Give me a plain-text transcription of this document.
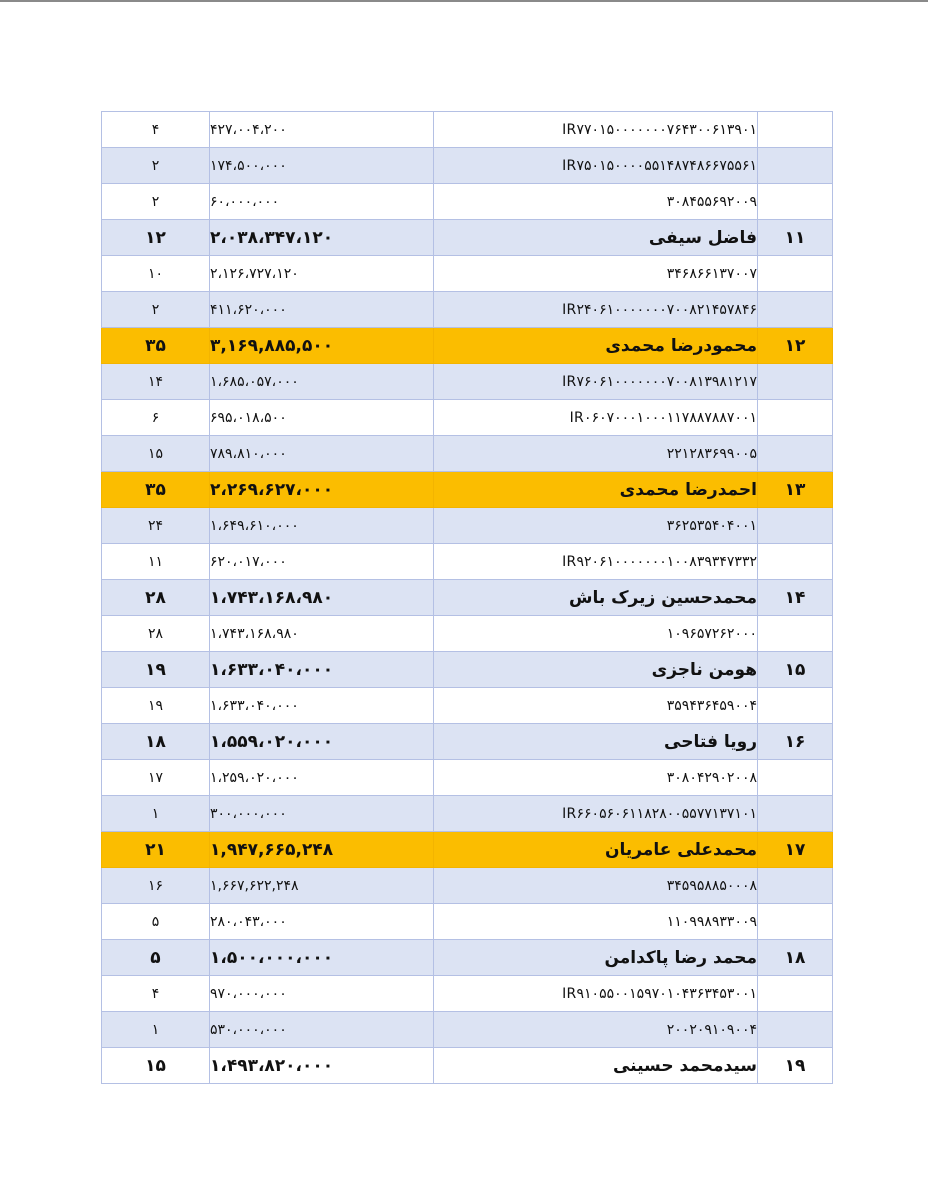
۴	۴۲۷،۰۰۴،۲۰۰	IR۷۷۰۱۵۰۰۰۰۰۰۰۷۶۴۳۰۰۶۱۳۹۰۱	
۲	۱۷۴،۵۰۰،۰۰۰	IR۷۵۰۱۵۰۰۰۰۵۵۱۴۸۷۴۸۶۶۷۵۵۶۱	
۲	۶۰،۰۰۰،۰۰۰	۳۰۸۴۵۵۶۹۲۰۰۹	
۱۲	۲،۰۳۸،۳۴۷،۱۲۰	فاضل سیفی	۱۱
۱۰	۲،۱۲۶،۷۲۷،۱۲۰	۳۴۶۸۶۶۱۳۷۰۰۷	
۲	۴۱۱،۶۲۰،۰۰۰	IR۲۴۰۶۱۰۰۰۰۰۰۰۷۰۰۸۲۱۴۵۷۸۴۶	
۳۵	۳,۱۶۹,۸۸۵,۵۰۰	محمودرضا محمدی	۱۲
۱۴	۱،۶۸۵،۰۵۷،۰۰۰	IR۷۶۰۶۱۰۰۰۰۰۰۰۷۰۰۸۱۳۹۸۱۲۱۷	
۶	۶۹۵،۰۱۸،۵۰۰	IR۰۶۰۷۰۰۰۱۰۰۰۱۱۷۸۸۷۸۸۷۰۰۱	
۱۵	۷۸۹،۸۱۰،۰۰۰	۲۲۱۲۸۳۶۹۹۰۰۵	
۳۵	۲،۲۶۹،۶۲۷،۰۰۰	احمدرضا محمدی	۱۳
۲۴	۱،۶۴۹،۶۱۰،۰۰۰	۳۶۲۵۳۵۴۰۴۰۰۱	
۱۱	۶۲۰،۰۱۷،۰۰۰	IR۹۲۰۶۱۰۰۰۰۰۰۰۱۰۰۸۳۹۳۴۷۳۳۲	
۲۸	۱،۷۴۳،۱۶۸،۹۸۰	محمدحسین زیرک باش	۱۴
۲۸	۱،۷۴۳،۱۶۸،۹۸۰	۱۰۹۶۵۷۲۶۲۰۰۰	
۱۹	۱،۶۳۳،۰۴۰،۰۰۰	هومن ناجزی	۱۵
۱۹	۱،۶۳۳،۰۴۰،۰۰۰	۳۵۹۴۳۶۴۵۹۰۰۴	
۱۸	۱،۵۵۹،۰۲۰،۰۰۰	رویا فتاحی	۱۶
۱۷	۱،۲۵۹،۰۲۰،۰۰۰	۳۰۸۰۴۲۹۰۲۰۰۸	
۱	۳۰۰،۰۰۰،۰۰۰	IR۶۶۰۵۶۰۶۱۱۸۲۸۰۰۵۵۷۷۱۳۷۱۰۱	
۲۱	۱,۹۴۷,۶۶۵,۲۴۸	محمدعلی عامریان	۱۷
۱۶	۱,۶۶۷,۶۲۲,۲۴۸	۳۴۵۹۵۸۸۵۰۰۰۸	
۵	۲۸۰،۰۴۳،۰۰۰	۱۱۰۹۹۸۹۳۳۰۰۹	
۵	۱،۵۰۰،۰۰۰،۰۰۰	محمد رضا پاکدامن	۱۸
۴	۹۷۰،۰۰۰،۰۰۰	IR۹۱۰۵۵۰۰۱۵۹۷۰۱۰۴۳۶۳۴۵۳۰۰۱	
۱	۵۳۰،۰۰۰،۰۰۰	۲۰۰۲۰۹۱۰۹۰۰۴	
۱۵	۱،۴۹۳،۸۲۰،۰۰۰	سیدمحمد حسینی	۱۹
